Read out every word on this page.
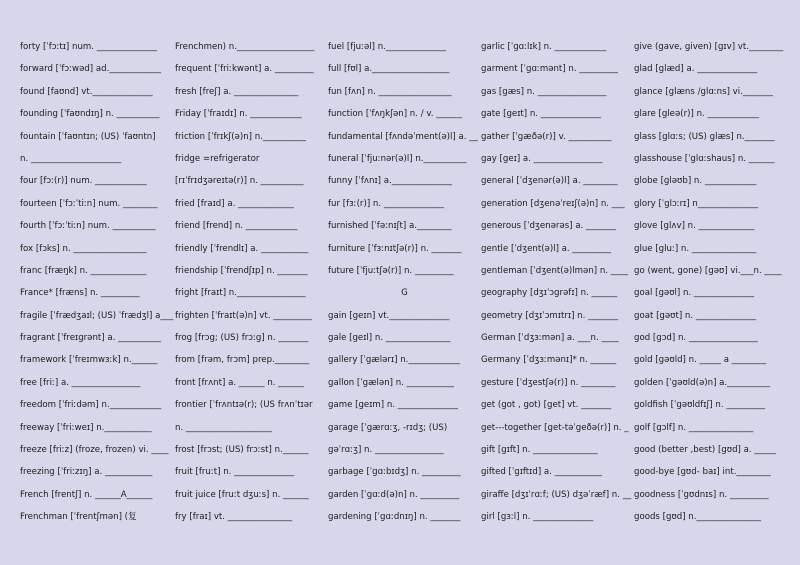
forty [ˈfɔːtɪ] num. ______________
forward [ˈfɔːwəd] ad.____________
found [faʊnd] vt.______________
founding [ˈfaʊndɪŋ] n. __________
fountain [ˈfaʊntɪn; (US) ˈfaʊntn]
n. _____________________
four [fɔː(r)] num. ____________
fourteen [ˈfɔːˈtiːn] num. ________
fourth [ˈfɔːˈtiːn] num. __________
fox [fɔks] n. _________________
franc [fræŋk] n. _____________
France* [fræns] n. _________
fragile [ˈfrædʒaɪl; (US) ˈfrædʒl] a___
fragrant [ˈfreɪgrənt] a. __________
framework [ˈfreɪmwɜːk] n.______
free [friː] a. ________________
freedom [ˈfriːdəm] n.____________
freeway [ˈfriːweɪ] n.___________
freeze [friːz] (froze, frozen) vi. ____
freezing [ˈfriːzɪŋ] a. ___________
French [frentʃ] n. ______A______
Frenchman [ˈfrentʃmən] (复
Frenchmen) n.__________________
frequent [ˈfriːkwənt] a. _________
fresh [freʃ] a. _______________
Friday [ˈfraɪdɪ] n. ____________
friction [ˈfrɪkʃ(ə)n] n.__________
fridge =refrigerator
[rɪˈfrɪdʒəreɪtə(r)] n. __________
fried [fraɪd] a. _____________
friend [frend] n. ____________
friendly [ˈfrendlɪ] a. ___________
friendship [ˈfrendʃɪp] n. _______
fright [fraɪt] n.________________
frighten [ˈfraɪt(ə)n] vt. _________
frog [frɔg; (US) frɔːg] n. _______
from [frəm, frɔm] prep.________
front [frʌnt] a. ______ n. ______
frontier [ˈfrʌntɪə(r); (US frʌnˈtɪər
n. ____________________
frost [frɔst; (US) frɔːst] n.______
fruit [fruːt] n. ______________
fruit juice [fruːt dʒuːs] n. ______
fry [fraɪ] vt. _______________
fuel [fjuːəl] n.______________
full [fʊl] a.__________________
fun [fʌn] n. _________________
function [ˈfʌŋkʃən] n. / v. ______
fundamental [fʌndəˈment(ə)l] a. __
funeral [ˈfjuːnər(ə)l] n.__________
funny [ˈfʌnɪ] a.______________
fur [fɜː(r)] n. ______________
furnished [ˈfəːnɪʃt] a.________
furniture [ˈfɜːnɪtʃə(r)] n. _______
future [ˈfjuːtʃə(r)] n. _________
G
gain [geɪn] vt.______________
gale [geɪl] n. _______________
gallery [ˈgælərɪ] n.____________
gallon [ˈgælən] n. ___________
game [geɪm] n. ______________
garage [ˈgærɑːʒ, -rɪdʒ; (US)
gəˈrɑːʒ] n. ________________
garbage [ˈgɑːbɪdʒ] n. _________
garden [ˈgɑːd(ə)n] n. _________
gardening [ˈgɑːdnɪŋ] n. _______
garlic [ˈgɑːlɪk] n. ____________
garment [ˈgɑːmənt] n. _________
gas [gæs] n. ________________
gate [geɪt] n. ______________
gather [ˈgæðə(r)] v. __________
gay [geɪ] a. ________________
general [ˈdʒenər(ə)l] a. ________
generation [dʒenəˈreɪʃ(ə)n] n. ___
generous [ˈdʒenərəs] a. _______
gentle [ˈdʒent(ə)l] a. _________
gentleman [ˈdʒent(ə)lmən] n. ____
geography [dʒɪˈɔgrəfɪ] n. ______
geometry [dʒɪˈɔmɪtrɪ] n. _______
German [ˈdʒɜːmən] a. ___n. ____
Germany [ˈdʒɜːmənɪ]* n. ______
gesture [ˈdʒestʃə(r)] n. ________
get (got , got) [get] vt. _______
get---together [get-təˈgeðə(r)] n. _
gift [gɪft] n. _______________
gifted [ˈgɪftɪd] a. ___________
giraffe [dʒɪˈrɑːf; (US) dʒəˈræf] n. __
girl [gɜːl] n. ______________
give (gave, given) [gɪv] vt.________
glad [glæd] a. ______________
glance [glæns /glɑːns] vi._______
glare [gleə(r)] n. ____________
glass [glɑːs; (US) glæs] n._______
glasshouse [ˈglɑːshaus] n. ______
globe [gləʊb] n. ____________
glory [ˈglɔːrɪ] n______________
glove [glʌv] n. _____________
glue [gluː] n. _______________
go (went, gone) [gəʊ] vi.___n. ____
goal [gəʊl] n. ______________
goat [gəʊt] n. ______________
god [gɔd] n. ________________
gold [gəʊld] n. _____ a ________
golden [ˈgəʊld(ə)n] a.__________
goldfish [ˈgəʊldfɪʃ] n. _________
golf [gɔlf] n. _______________
good (better ,best) [gʊd] a. _____
good-bye [gʊd- baɪ] int.________
goodness [ˈgʊdnɪs] n. _________
goods [gʊd] n._______________
